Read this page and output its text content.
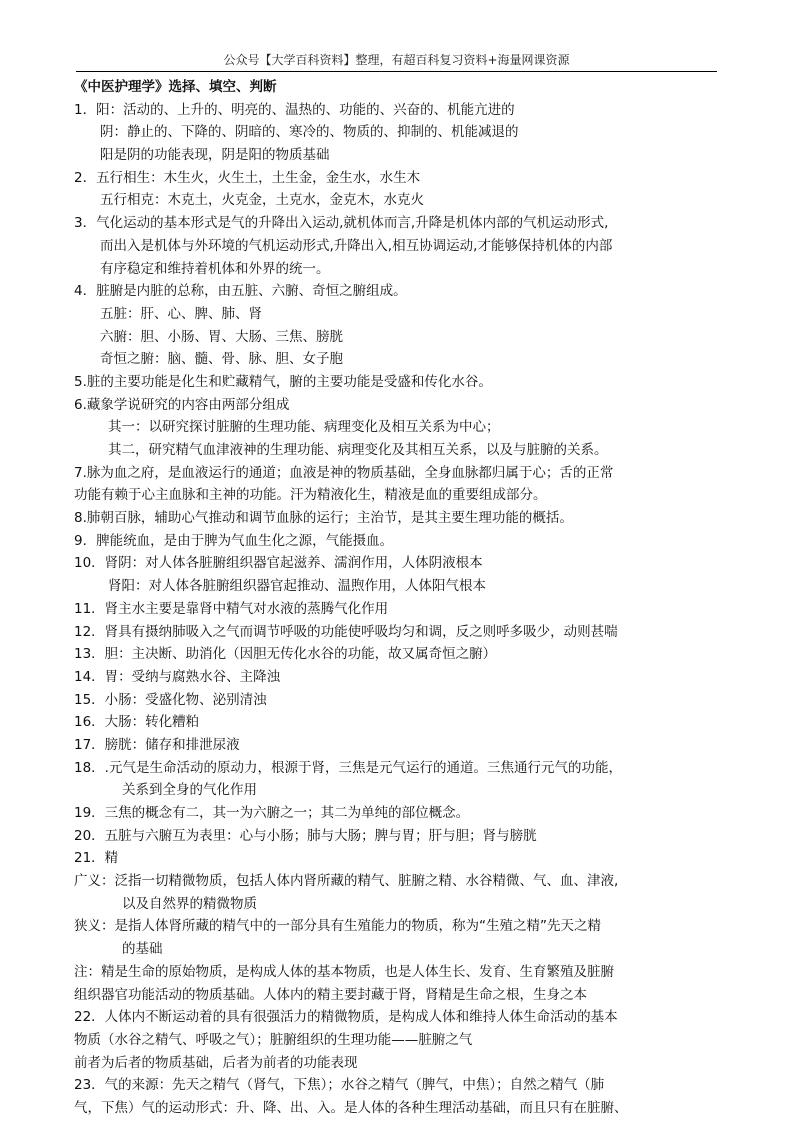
公众号【大学百科资料】整理，有超百科复习资料+海量网课资源
《中医护理学》选择、填空、判断
1．阳：活动的、上升的、明亮的、温热的、功能的、兴奋的、机能亢进的
阴：静止的、下降的、阴暗的、寒冷的、物质的、抑制的、机能减退的
阳是阴的功能表现，阴是阳的物质基础
2．五行相生：木生火，火生土，土生金，金生水，水生木
五行相克：木克土，火克金，土克水，金克木，水克火
3．气化运动的基本形式是气的升降出入运动,就机体而言,升降是机体内部的气机运动形式,
而出入是机体与外环境的气机运动形式,升降出入,相互协调运动,才能够保持机体的内部
有序稳定和维持着机体和外界的统一。
4．脏腑是内脏的总称，由五脏、六腑、奇恒之腑组成。
五脏：肝、心、脾、肺、肾
六腑：胆、小肠、胃、大肠、三焦、膀胱
奇恒之腑：脑、髓、骨、脉、胆、女子胞
5.脏的主要功能是化生和贮藏精气，腑的主要功能是受盛和传化水谷。
6.藏象学说研究的内容由两部分组成
其一：以研究探讨脏腑的生理功能、病理变化及相互关系为中心；
其二，研究精气血津液神的生理功能、病理变化及其相互关系，以及与脏腑的关系。
7.脉为血之府，是血液运行的通道；血液是神的物质基础，全身血脉都归属于心；舌的正常
功能有赖于心主血脉和主神的功能。汗为精液化生，精液是血的重要组成部分。
8.肺朝百脉，辅助心气推动和调节血脉的运行；主治节，是其主要生理功能的概括。
9．脾能统血，是由于脾为气血生化之源，气能摄血。
10．肾阴：对人体各脏腑组织器官起滋养、濡润作用，人体阴液根本
肾阳：对人体各脏腑组织器官起推动、温煦作用，人体阳气根本
11．肾主水主要是靠肾中精气对水液的蒸腾气化作用
12．肾具有摄纳肺吸入之气而调节呼吸的功能使呼吸均匀和调，反之则呼多吸少，动则甚喘
13．胆：主决断、助消化（因胆无传化水谷的功能，故又属奇恒之腑）
14．胃：受纳与腐熟水谷、主降浊
15．小肠：受盛化物、泌别清浊
16．大肠：转化糟粕
17．膀胱：储存和排泄尿液
18．.元气是生命活动的原动力，根源于肾，三焦是元气运行的通道。三焦通行元气的功能，
关系到全身的气化作用
19．三焦的概念有二，其一为六腑之一；其二为单纯的部位概念。
20．五脏与六腑互为表里：心与小肠；肺与大肠；脾与胃；肝与胆；肾与膀胱
21．精
广义：泛指一切精微物质，包括人体内肾所藏的精气、脏腑之精、水谷精微、气、血、津液,
以及自然界的精微物质
狭义：是指人体肾所藏的精气中的一部分具有生殖能力的物质，称为“生殖之精”先天之精
的基础
注：精是生命的原始物质，是构成人体的基本物质，也是人体生长、发育、生育繁殖及脏腑
组织器官功能活动的物质基础。人体内的精主要封藏于肾，肾精是生命之根，生身之本
22．人体内不断运动着的具有很强活力的精微物质，是构成人体和维持人体生命活动的基本
物质（水谷之精气、呼吸之气）；脏腑组织的生理功能——脏腑之气
前者为后者的物质基础，后者为前者的功能表现
23．气的来源：先天之精气（肾气，下焦）；水谷之精气（脾气，中焦）；自然之精气（肺
气，下焦）气的运动形式：升、降、出、入。是人体的各种生理活动基础，而且只有在脏腑、
